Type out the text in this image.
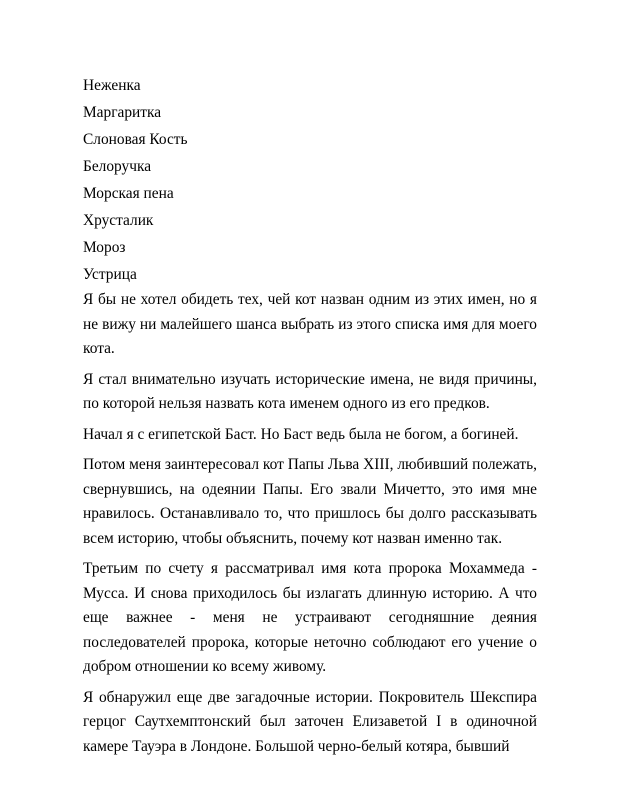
Неженка
Маргаритка
Слоновая Кость
Белоручка
Морская пена
Хрусталик
Мороз
Устрица

Я бы не хотел обидеть тех, чей кот назван одним из этих имен, но я не вижу ни малейшего шанса выбрать из этого списка имя для моего кота.

Я стал внимательно изучать исторические имена, не видя причины, по которой нельзя назвать кота именем одного из его предков.

Начал я с египетской Баст. Но Баст ведь была не богом, а богиней.

Потом меня заинтересовал кот Папы Льва XIII, любивший полежать, свернувшись, на одеянии Папы. Его звали Мичетто, это имя мне нравилось. Останавливало то, что пришлось бы долго рассказывать всем историю, чтобы объяснить, почему кот назван именно так.

Третьим по счету я рассматривал имя кота пророка Мохаммеда - Мусса. И снова приходилось бы излагать длинную историю. А что еще важнее - меня не устраивают сегодняшние деяния последователей пророка, которые неточно соблюдают его учение о добром отношении ко всему живому.

Я обнаружил еще две загадочные истории. Покровитель Шекспира герцог Саутхемптонский был заточен Елизаветой I в одиночной камере Тауэра в Лондоне. Большой черно-белый котяра, бывший
